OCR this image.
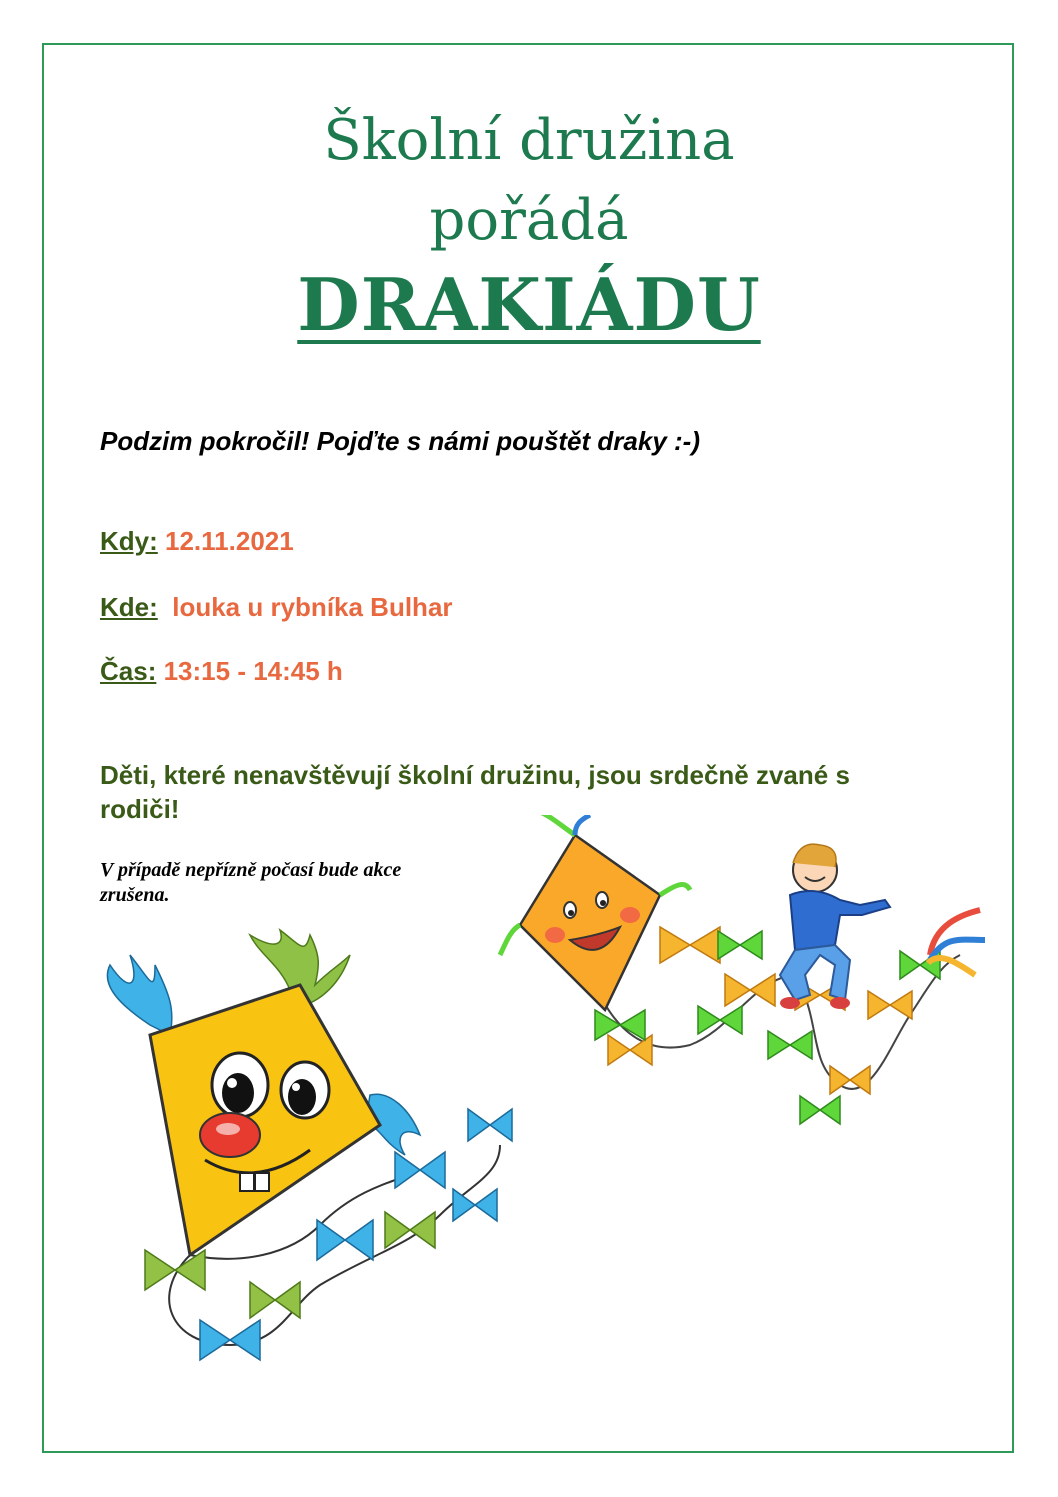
Školní družina
pořádá
DRAKIÁDU
Podzim pokročil! Pojďte s námi pouštět draky :-)
Kdy: 12.11.2021
Kde: louka u rybníka Bulhar
Čas: 13:15 - 14:45 h
Děti, které nenavštěvují školní družinu, jsou srdečně zvané s rodiči!
V případě nepřízně počasí bude akce zrušena.
